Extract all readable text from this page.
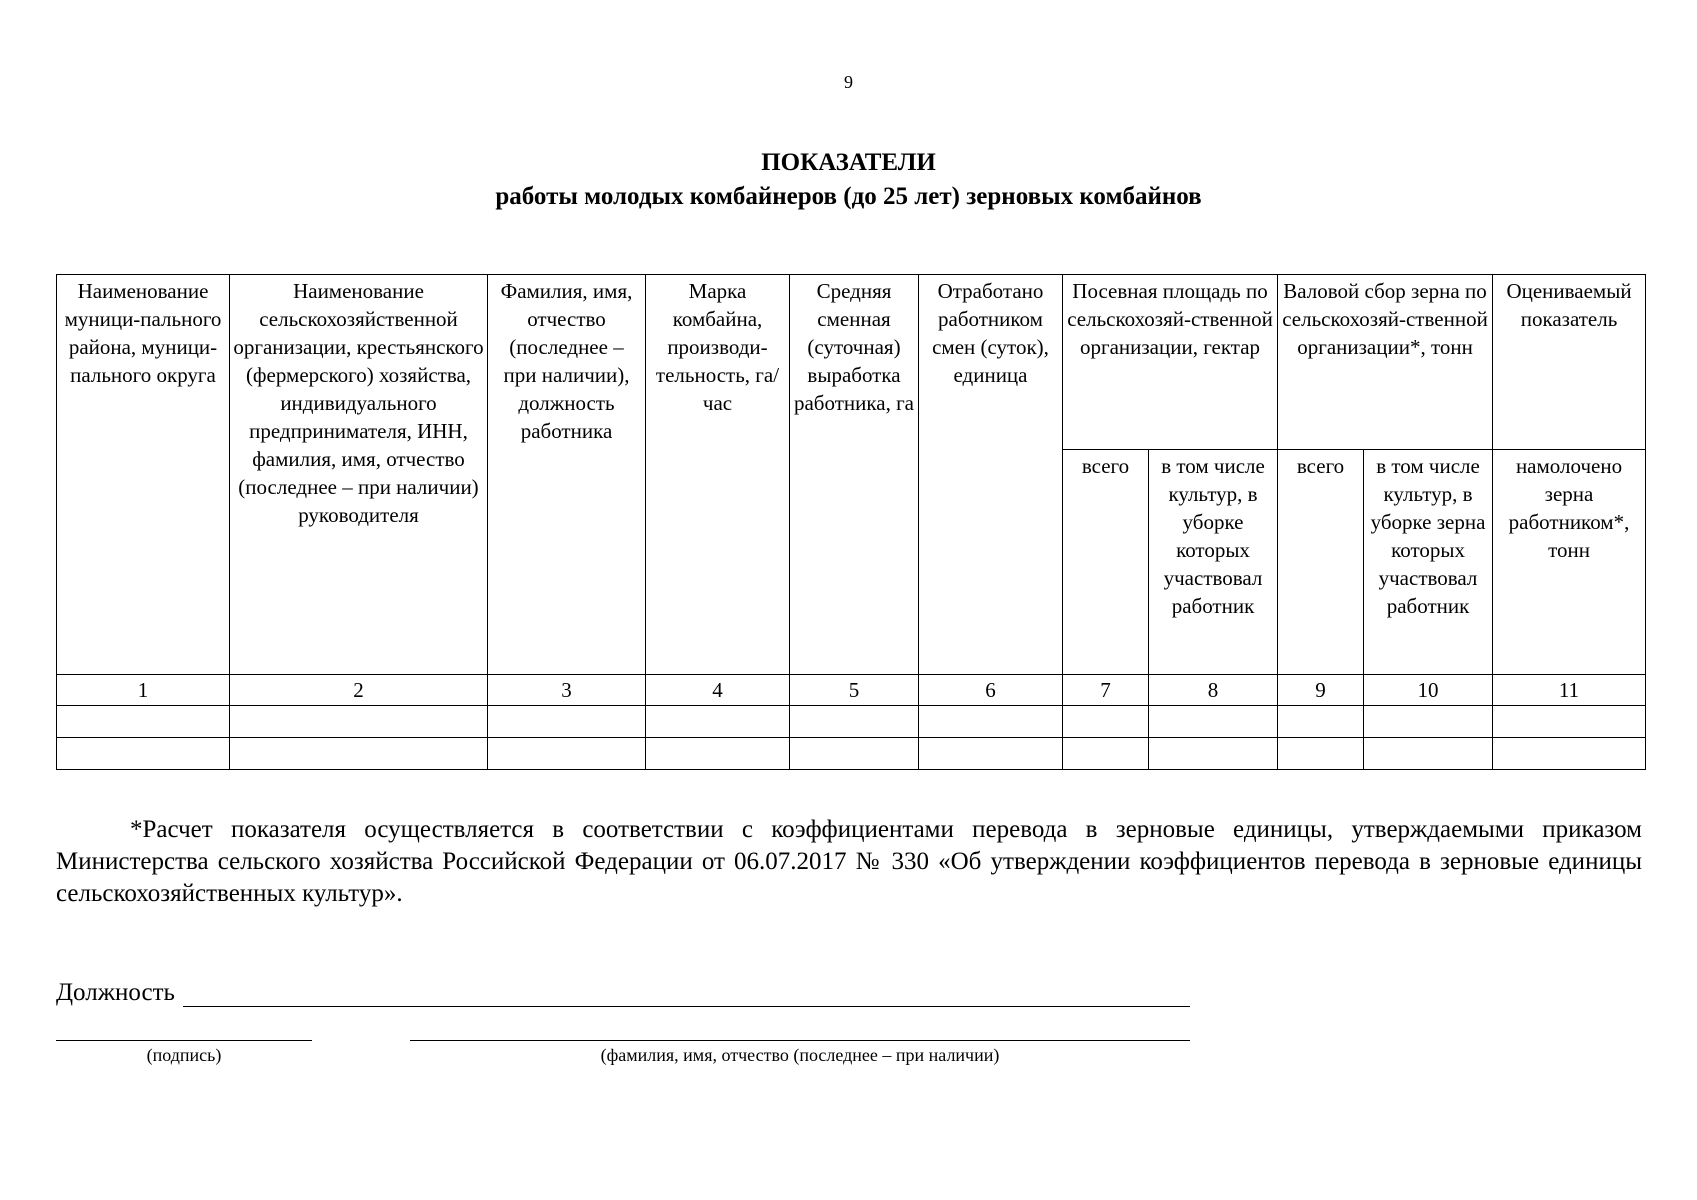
9
ПОКАЗАТЕЛИ
работы молодых комбайнеров (до 25 лет) зерновых комбайнов
Наименование муници-пального района, муници-пального округа	Наименование сельскохозяйственной организации, крестьянского (фермерского) хозяйства, индивидуального предпринимателя, ИНН, фамилия, имя, отчество (последнее – при наличии) руководителя	Фамилия, имя, отчество (последнее – при наличии), должность работника	Марка комбайна, производи-тельность, га/час	Средняя сменная (суточная) выработка работника, га	Отработано работником смен (суток), единица	Посевная площадь по сельскохозяй-ственной организации, гектар		Валовой сбор зерна по сельскохозяй-ственной организации*, тонн		Оцениваемый показатель
						всего	в том числе культур, в уборке которых участвовал работник	всего	в том числе культур, в уборке зерна которых участвовал работник	намолочено зерна работником*, тонн
1	2	3	4	5	6	7	8	9	10	11

*Расчет показателя осуществляется в соответствии с коэффициентами перевода в зерновые единицы, утверждаемыми приказом Министерства сельского хозяйства Российской Федерации от 06.07.2017 № 330 «Об утверждении коэффициентов перевода в зерновые единицы сельскохозяйственных культур».
Должность
(подпись)	(фамилия, имя, отчество (последнее – при наличии)
